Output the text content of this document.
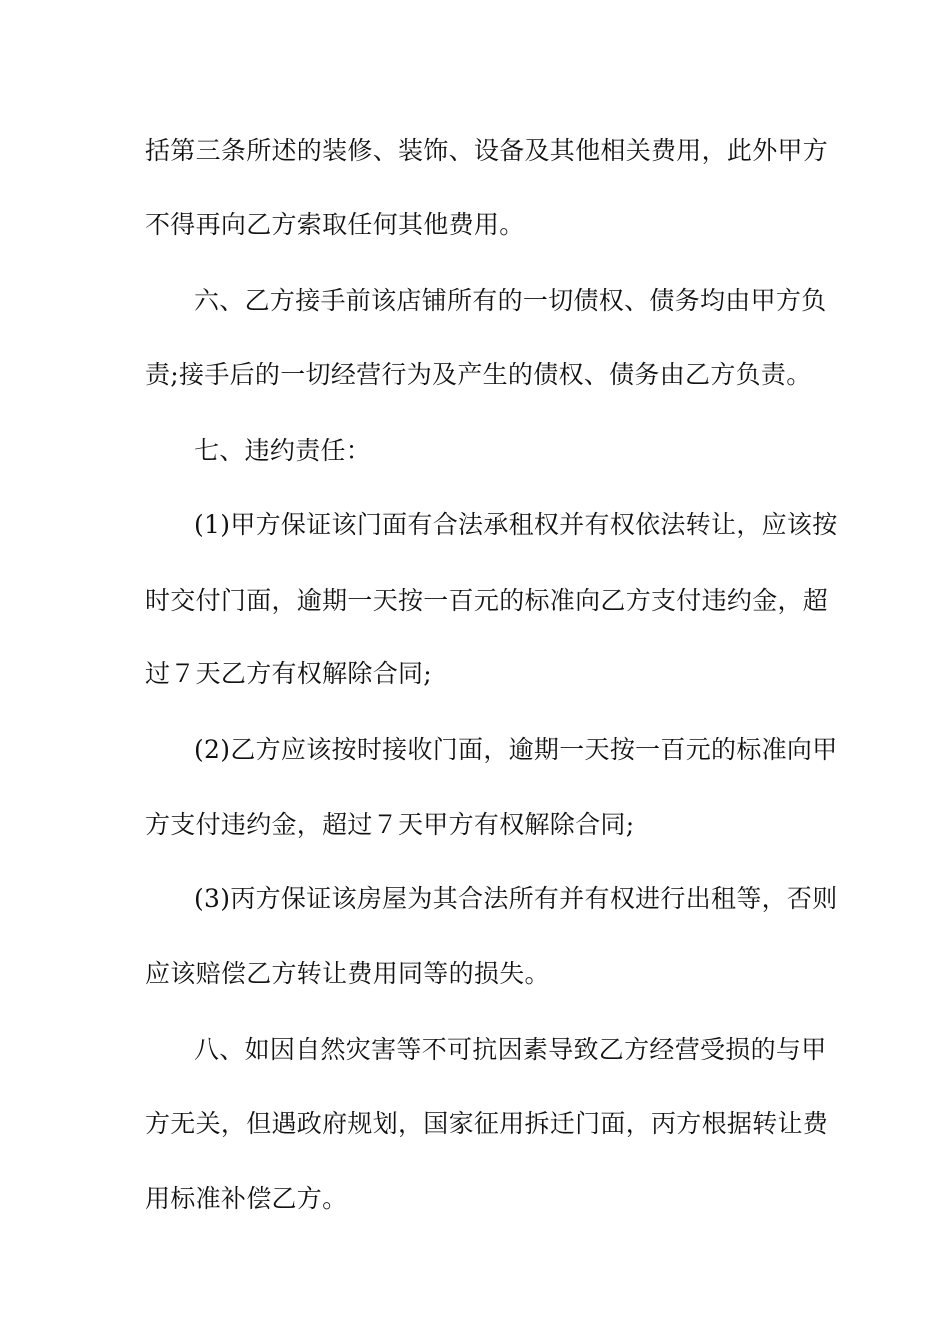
括第三条所述的装修、装饰、设备及其他相关费用，此外甲方
不得再向乙方索取任何其他费用。
六、乙方接手前该店铺所有的一切债权、债务均由甲方负
责;接手后的一切经营行为及产生的债权、债务由乙方负责。
七、违约责任：
(1)甲方保证该门面有合法承租权并有权依法转让，应该按
时交付门面，逾期一天按一百元的标准向乙方支付违约金，超
过７天乙方有权解除合同;
(2)乙方应该按时接收门面，逾期一天按一百元的标准向甲
方支付违约金，超过７天甲方有权解除合同;
(3)丙方保证该房屋为其合法所有并有权进行出租等，否则
应该赔偿乙方转让费用同等的损失。
八、如因自然灾害等不可抗因素导致乙方经营受损的与甲
方无关，但遇政府规划，国家征用拆迁门面，丙方根据转让费
用标准补偿乙方。
